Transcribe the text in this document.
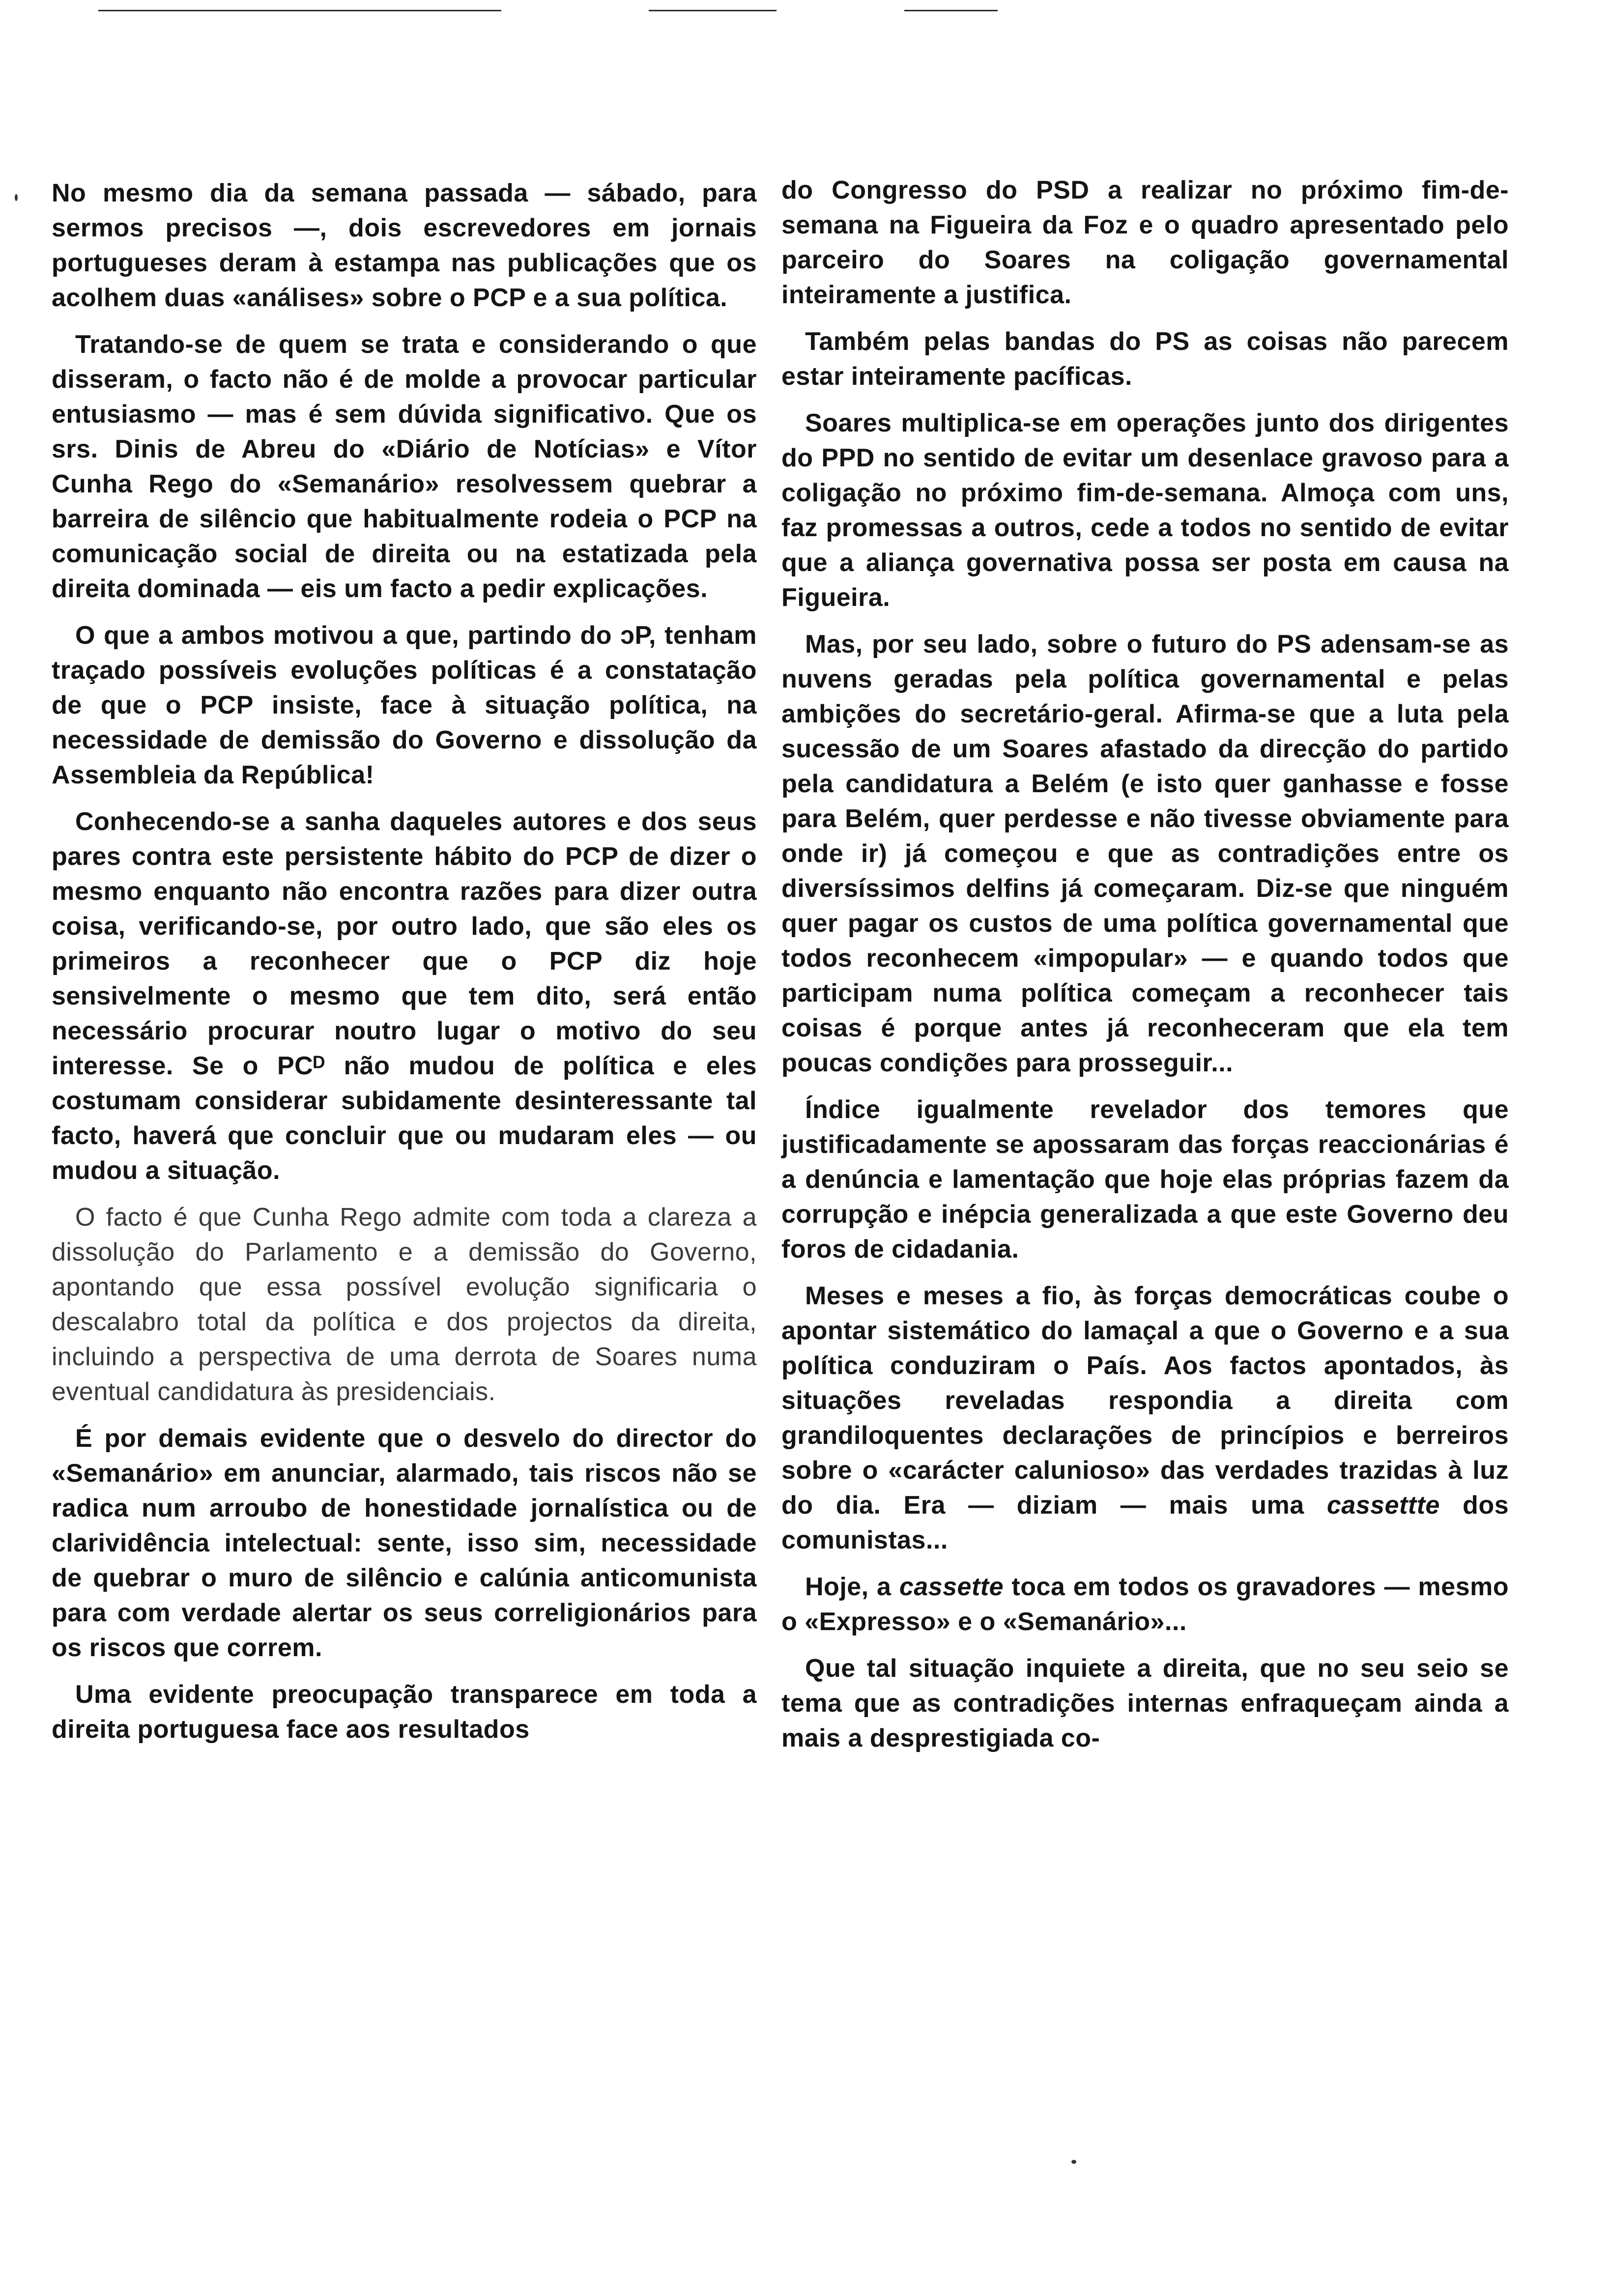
No mesmo dia da semana passada — sábado, para sermos precisos —, dois escrevedores em jornais portugueses deram à estampa nas publicações que os acolhem duas «análises» sobre o PCP e a sua política.

Tratando-se de quem se trata e considerando o que disseram, o facto não é de molde a provocar particular entusiasmo — mas é sem dúvida significativo. Que os srs. Dinis de Abreu do «Diário de Notícias» e Vítor Cunha Rego do «Semanário» resolvessem quebrar a barreira de silêncio que habitualmente rodeia o PCP na comunicação social de direita ou na estatizada pela direita dominada — eis um facto a pedir explicações.

O que a ambos motivou a que, partindo do ͻP, tenham traçado possíveis evoluções políticas é a constatação de que o PCP insiste, face à situação política, na necessidade de demissão do Governo e dissolução da Assembleia da República!

Conhecendo-se a sanha daqueles autores e dos seus pares contra este persistente hábito do PCP de dizer o mesmo enquanto não encontra razões para dizer outra coisa, verificando-se, por outro lado, que são eles os primeiros a reconhecer que o PCP diz hoje sensivelmente o mesmo que tem dito, será então necessário procurar noutro lugar o motivo do seu interesse. Se o PCᴰ não mudou de política e eles costumam considerar subidamente desinteressante tal facto, haverá que concluir que ou mudaram eles — ou mudou a situação.

O facto é que Cunha Rego admite com toda a clareza a dissolução do Parlamento e a demissão do Governo, apontando que essa possível evolução significaria o descalabro total da política e dos projectos da direita, incluindo a perspectiva de uma derrota de Soares numa eventual candidatura às presidenciais.

É por demais evidente que o desvelo do director do «Semanário» em anunciar, alarmado, tais riscos não se radica num arroubo de honestidade jornalística ou de clarividência intelectual: sente, isso sim, necessidade de quebrar o muro de silêncio e calúnia anticomunista para com verdade alertar os seus correligionários para os riscos que correm.

Uma evidente preocupação transparece em toda a direita portuguesa face aos resultados

do Congresso do PSD a realizar no próximo fim-de-semana na Figueira da Foz e o quadro apresentado pelo parceiro do Soares na coligação governamental inteiramente a justifica.

Também pelas bandas do PS as coisas não parecem estar inteiramente pacíficas.

Soares multiplica-se em operações junto dos dirigentes do PPD no sentido de evitar um desenlace gravoso para a coligação no próximo fim-de-semana. Almoça com uns, faz promessas a outros, cede a todos no sentido de evitar que a aliança governativa possa ser posta em causa na Figueira.

Mas, por seu lado, sobre o futuro do PS adensam-se as nuvens geradas pela política governamental e pelas ambições do secretário-geral. Afirma-se que a luta pela sucessão de um Soares afastado da direcção do partido pela candidatura a Belém (e isto quer ganhasse e fosse para Belém, quer perdesse e não tivesse obviamente para onde ir) já começou e que as contradições entre os diversíssimos delfins já começaram. Diz-se que ninguém quer pagar os custos de uma política governamental que todos reconhecem «impopular» — e quando todos que participam numa política começam a reconhecer tais coisas é porque antes já reconheceram que ela tem poucas condições para prosseguir...

Índice igualmente revelador dos temores que justificadamente se apossaram das forças reaccionárias é a denúncia e lamentação que hoje elas próprias fazem da corrupção e inépcia generalizada a que este Governo deu foros de cidadania.

Meses e meses a fio, às forças democráticas coube o apontar sistemático do lamaçal a que o Governo e a sua política conduziram o País. Aos factos apontados, às situações reveladas respondia a direita com grandiloquentes declarações de princípios e berreiros sobre o «carácter calunioso» das verdades trazidas à luz do dia. Era — diziam — mais uma cassettte dos comunistas...

Hoje, a cassette toca em todos os gravadores — mesmo o «Expresso» e o «Semanário»...

Que tal situação inquiete a direita, que no seu seio se tema que as contradições internas enfraqueçam ainda a mais a desprestigiada co-
